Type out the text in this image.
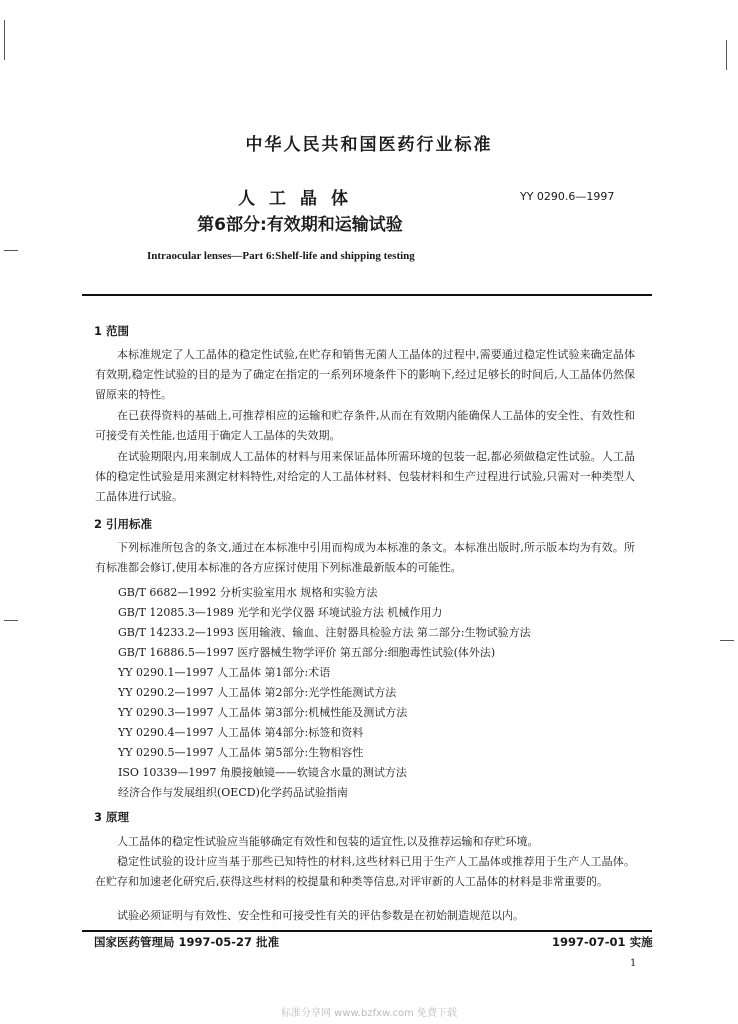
中华人民共和国医药行业标准
人工晶体
第6部分:有效期和运输试验
YY 0290.6—1997
Intraocular lenses—Part 6:Shelf-life and shipping testing
1 范围
本标准规定了人工晶体的稳定性试验,在贮存和销售无菌人工晶体的过程中,需要通过稳定性试验来确定晶体有效期,稳定性试验的目的是为了确定在指定的一系列环境条件下的影响下,经过足够长的时间后,人工晶体仍然保留原来的特性。
在已获得资料的基础上,可推荐相应的运输和贮存条件,从而在有效期内能确保人工晶体的安全性、有效性和可接受有关性能,也适用于确定人工晶体的失效期。
在试验期限内,用来制成人工晶体的材料与用来保证晶体所需环境的包装一起,都必须做稳定性试验。人工晶体的稳定性试验是用来测定材料特性,对给定的人工晶体材料、包装材料和生产过程进行试验,只需对一种类型人工晶体进行试验。
2 引用标准
下列标准所包含的条文,通过在本标准中引用而构成为本标准的条文。本标准出版时,所示版本均为有效。所有标准都会修订,使用本标准的各方应探讨使用下列标准最新版本的可能性。
GB/T 6682—1992 分析实验室用水 规格和实验方法
GB/T 12085.3—1989 光学和光学仪器 环境试验方法 机械作用力
GB/T 14233.2—1993 医用输液、输血、注射器具检验方法 第二部分:生物试验方法
GB/T 16886.5—1997 医疗器械生物学评价 第五部分:细胞毒性试验(体外法)
YY 0290.1—1997 人工晶体 第1部分:术语
YY 0290.2—1997 人工晶体 第2部分:光学性能测试方法
YY 0290.3—1997 人工晶体 第3部分:机械性能及测试方法
YY 0290.4—1997 人工晶体 第4部分:标签和资料
YY 0290.5—1997 人工晶体 第5部分:生物相容性
ISO 10339—1997 角膜接触镜——软镜含水量的测试方法
经济合作与发展组织(OECD)化学药品试验指南
3 原理
人工晶体的稳定性试验应当能够确定有效性和包装的适宜性,以及推荐运输和存贮环境。
稳定性试验的设计应当基于那些已知特性的材料,这些材料已用于生产人工晶体或推荐用于生产人工晶体。在贮存和加速老化研究后,获得这些材料的校提量和种类等信息,对评审新的人工晶体的材料是非常重要的。
试验必须证明与有效性、安全性和可接受性有关的评估参数是在初始制造规范以内。
国家医药管理局 1997-05-27 批准	1997-07-01 实施
1
标准分享网 www.bzfxw.com 免费下载
